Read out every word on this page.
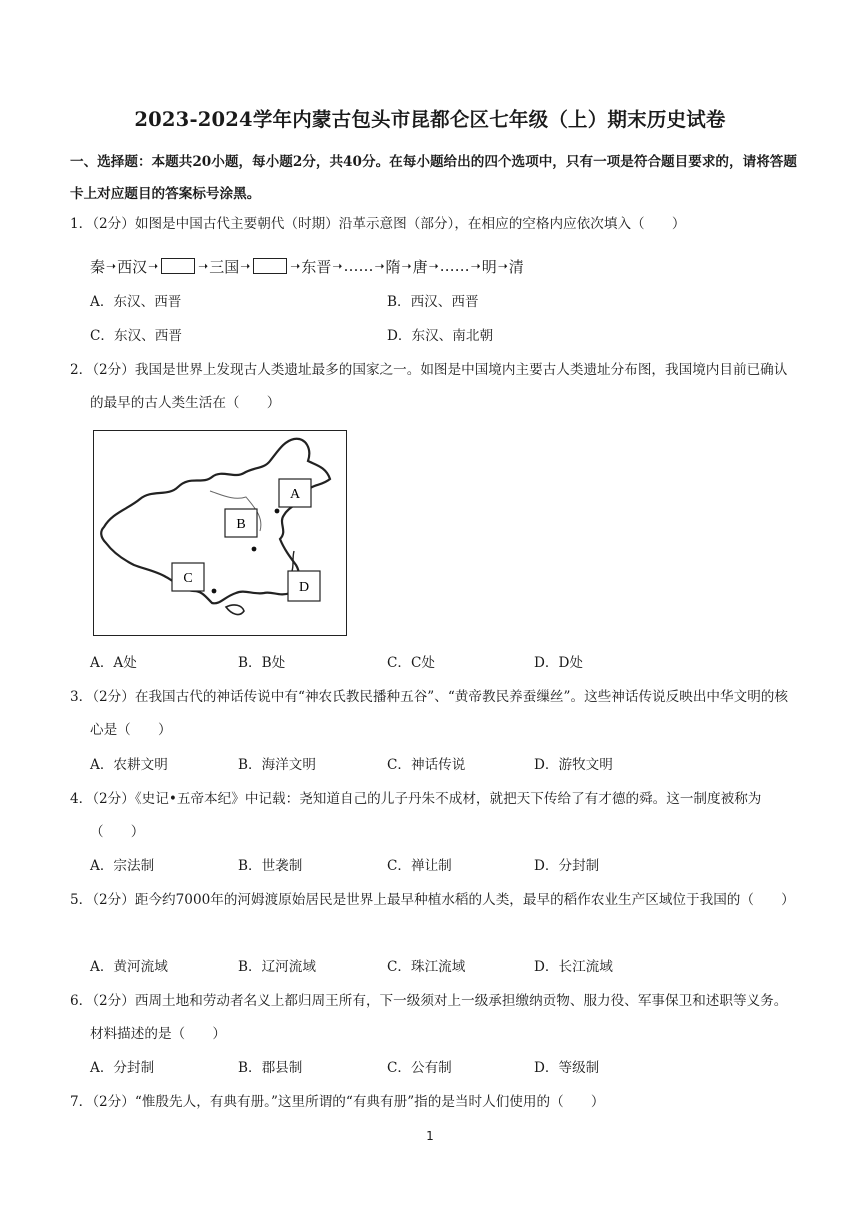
2023-2024学年内蒙古包头市昆都仑区七年级（上）期末历史试卷
一、选择题：本题共20小题，每小题2分，共40分。在每小题给出的四个选项中，只有一项是符合题目要求的，请将答题卡上对应题目的答案标号涂黑。
1．（2分）如图是中国古代主要朝代（时期）沿革示意图（部分），在相应的空格内应依次填入（　　）
秦 ➝ 西汉 ➝	➝ 三国 ➝	➝ 东晋 ➝ …… ➝ 隋 ➝ 唐 ➝ …… ➝ 明 ➝ 清
A．东汉、西晋	B．西汉、西晋
C．东汉、西晋	D．东汉、南北朝
2．（2分）我国是世界上发现古人类遗址最多的国家之一。如图是中国境内主要古人类遗址分布图，我国境内目前已确认的最早的古人类生活在（　　）
A
B
C
D
A．A处	B．B处	C．C处	D．D处
3．（2分）在我国古代的神话传说中有“神农氏教民播种五谷”、“黄帝教民养蚕缫丝”。这些神话传说反映出中华文明的核心是（　　）
A．农耕文明	B．海洋文明	C．神话传说	D．游牧文明
4．（2分）《史记•五帝本纪》中记载：尧知道自己的儿子丹朱不成材，就把天下传给了有才德的舜。这一制度被称为（　　）
A．宗法制	B．世袭制	C．禅让制	D．分封制
5．（2分）距今约7000年的河姆渡原始居民是世界上最早种植水稻的人类，最早的稻作农业生产区域位于我国的（　　）
A．黄河流域	B．辽河流域	C．珠江流域	D．长江流域
6．（2分）西周土地和劳动者名义上都归周王所有，下一级须对上一级承担缴纳贡物、服力役、军事保卫和述职等义务。材料描述的是（　　）
A．分封制	B．郡县制	C．公有制	D．等级制
7．（2分）“惟殷先人，有典有册。”这里所谓的“有典有册”指的是当时人们使用的（　　）
1
